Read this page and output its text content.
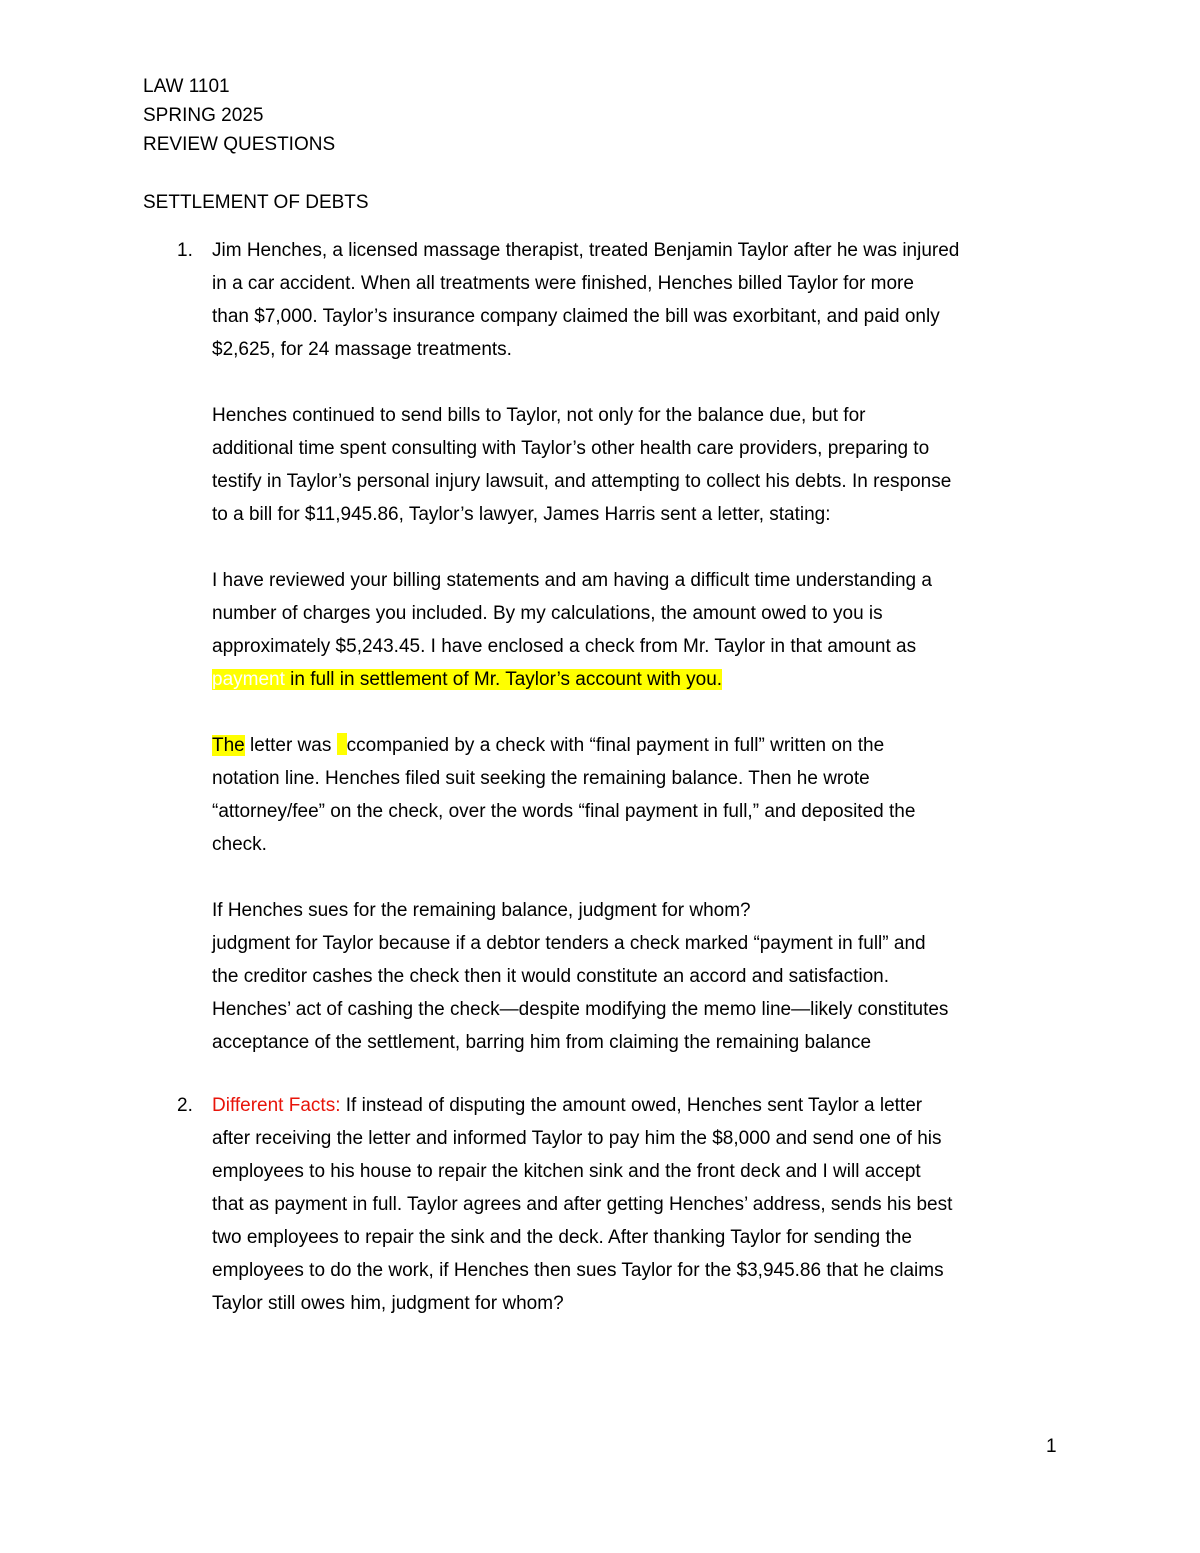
LAW 1101
SPRING 2025
REVIEW QUESTIONS
SETTLEMENT OF DEBTS
1.	Jim Henches, a licensed massage therapist, treated Benjamin Taylor after he was injured
in a car accident. When all treatments were finished, Henches billed Taylor for more
than $7,000. Taylor’s insurance company claimed the bill was exorbitant, and paid only
$2,625, for 24 massage treatments.
Henches continued to send bills to Taylor, not only for the balance due, but for
additional time spent consulting with Taylor’s other health care providers, preparing to
testify in Taylor’s personal injury lawsuit, and attempting to collect his debts. In response
to a bill for $11,945.86, Taylor’s lawyer, James Harris sent a letter, stating:
I have reviewed your billing statements and am having a difficult time understanding a
number of charges you included. By my calculations, the amount owed to you is
approximately $5,243.45. I have enclosed a check from Mr. Taylor in that amount as
payment in full in settlement of Mr. Taylor’s account with you.
The letter was ccompanied by a check with “final payment in full” written on the
notation line. Henches filed suit seeking the remaining balance. Then he wrote
“attorney/fee” on the check, over the words “final payment in full,” and deposited the
check.
If Henches sues for the remaining balance, judgment for whom?
judgment for Taylor because if a debtor tenders a check marked “payment in full” and
the creditor cashes the check then it would constitute an accord and satisfaction.
Henches’ act of cashing the check—despite modifying the memo line—likely constitutes
acceptance of the settlement, barring him from claiming the remaining balance
2.	Different Facts: If instead of disputing the amount owed, Henches sent Taylor a letter
after receiving the letter and informed Taylor to pay him the $8,000 and send one of his
employees to his house to repair the kitchen sink and the front deck and I will accept
that as payment in full. Taylor agrees and after getting Henches’ address, sends his best
two employees to repair the sink and the deck. After thanking Taylor for sending the
employees to do the work, if Henches then sues Taylor for the $3,945.86 that he claims
Taylor still owes him, judgment for whom?
1
